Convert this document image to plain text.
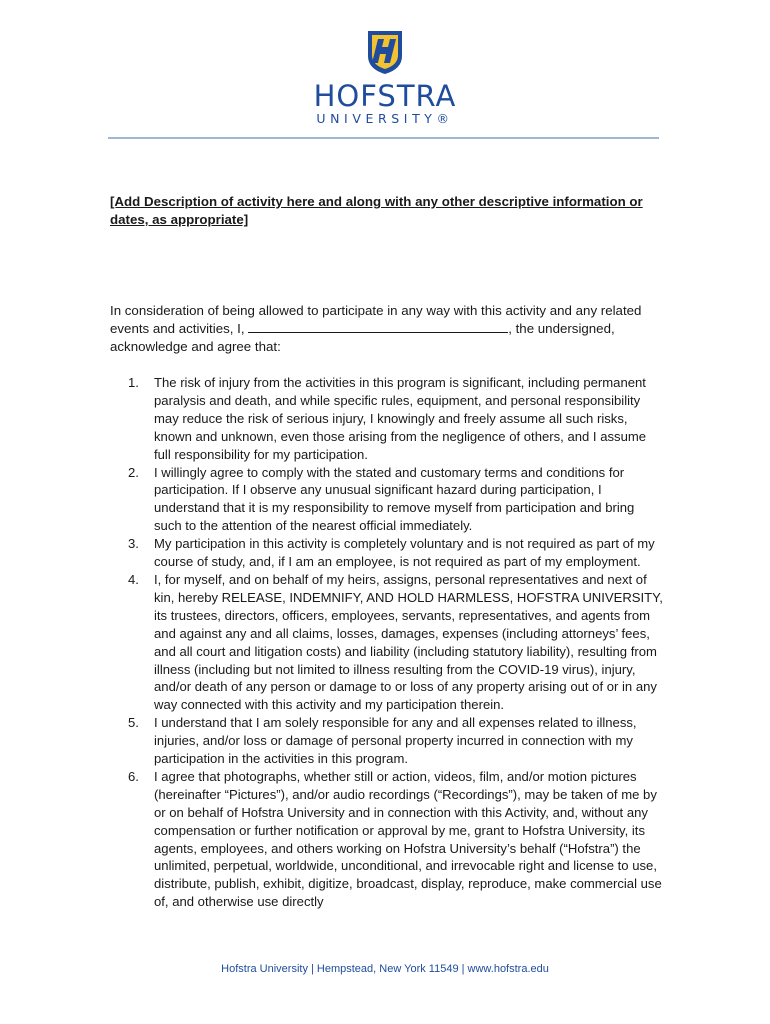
HOFSTRA
UNIVERSITY®
[Add Description of activity here and along with any other descriptive information or dates, as appropriate]
In consideration of being allowed to participate in any way with this activity and any related events and activities, I,	, the undersigned, acknowledge and agree that:
1. The risk of injury from the activities in this program is significant, including permanent paralysis and death, and while specific rules, equipment, and personal responsibility may reduce the risk of serious injury, I knowingly and freely assume all such risks, known and unknown, even those arising from the negligence of others, and I assume full responsibility for my participation.
2. I willingly agree to comply with the stated and customary terms and conditions for participation. If I observe any unusual significant hazard during participation, I understand that it is my responsibility to remove myself from participation and bring such to the attention of the nearest official immediately.
3. My participation in this activity is completely voluntary and is not required as part of my course of study, and, if I am an employee, is not required as part of my employment.
4. I, for myself, and on behalf of my heirs, assigns, personal representatives and next of kin, hereby RELEASE, INDEMNIFY, AND HOLD HARMLESS, HOFSTRA UNIVERSITY, its trustees, directors, officers, employees, servants, representatives, and agents from and against any and all claims, losses, damages, expenses (including attorneys’ fees, and all court and litigation costs) and liability (including statutory liability), resulting from illness (including but not limited to illness resulting from the COVID-19 virus), injury, and/or death of any person or damage to or loss of any property arising out of or in any way connected with this activity and my participation therein.
5. I understand that I am solely responsible for any and all expenses related to illness, injuries, and/or loss or damage of personal property incurred in connection with my participation in the activities in this program.
6. I agree that photographs, whether still or action, videos, film, and/or motion pictures (hereinafter “Pictures”), and/or audio recordings (“Recordings”), may be taken of me by or on behalf of Hofstra University and in connection with this Activity, and, without any compensation or further notification or approval by me, grant to Hofstra University, its agents, employees, and others working on Hofstra University’s behalf (“Hofstra”) the unlimited, perpetual, worldwide, unconditional, and irrevocable right and license to use, distribute, publish, exhibit, digitize, broadcast, display, reproduce, make commercial use of, and otherwise use directly
Hofstra University | Hempstead, New York 11549 | www.hofstra.edu
